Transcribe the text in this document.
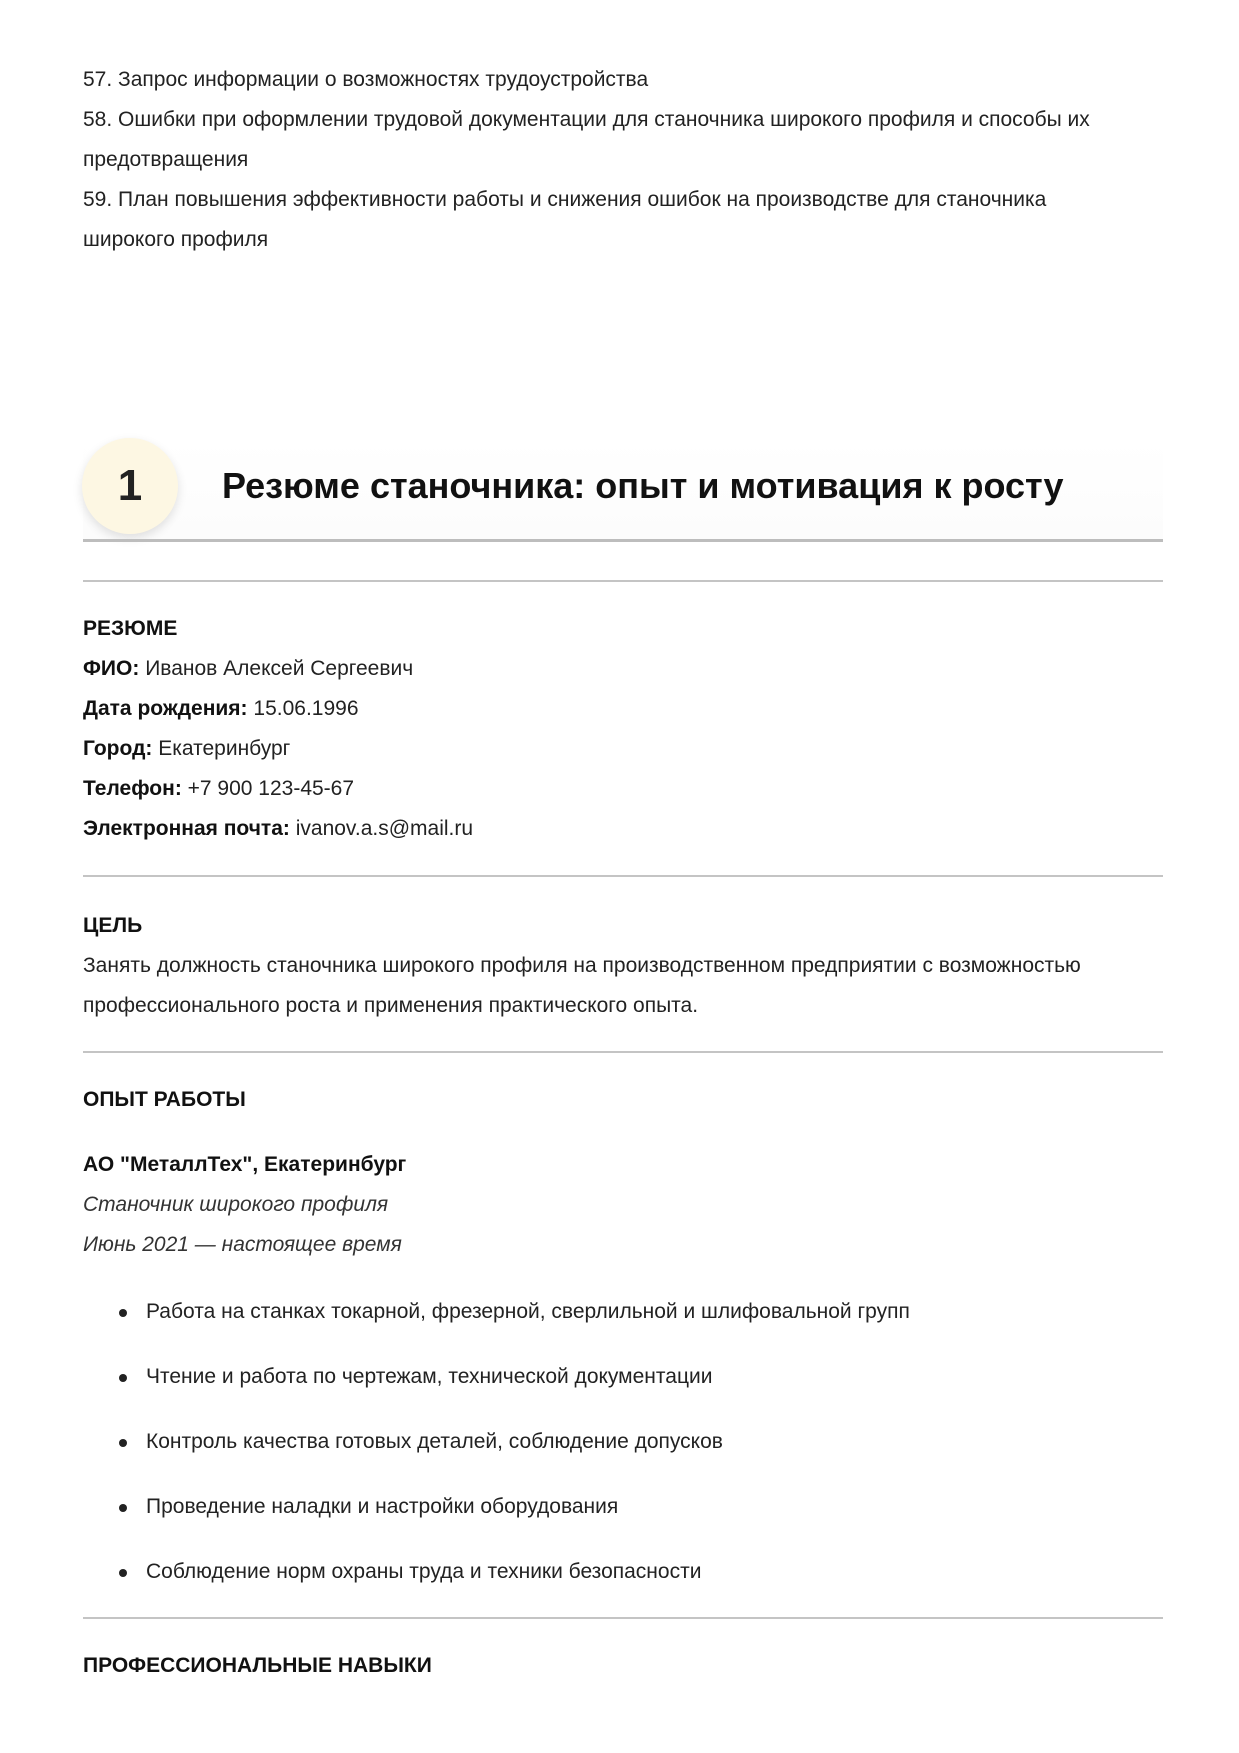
57. Запрос информации о возможностях трудоустройства
58. Ошибки при оформлении трудовой документации для станочника широкого профиля и способы их предотвращения
59. План повышения эффективности работы и снижения ошибок на производстве для станочника широкого профиля
1	Резюме станочника: опыт и мотивация к росту
РЕЗЮМЕ
ФИО: Иванов Алексей Сергеевич
Дата рождения: 15.06.1996
Город: Екатеринбург
Телефон: +7 900 123-45-67
Электронная почта: ivanov.a.s@mail.ru
ЦЕЛЬ
Занять должность станочника широкого профиля на производственном предприятии с возможностью профессионального роста и применения практического опыта.
ОПЫТ РАБОТЫ
АО "МеталлТех", Екатеринбург
Станочник широкого профиля
Июнь 2021 — настоящее время
Работа на станках токарной, фрезерной, сверлильной и шлифовальной групп
Чтение и работа по чертежам, технической документации
Контроль качества готовых деталей, соблюдение допусков
Проведение наладки и настройки оборудования
Соблюдение норм охраны труда и техники безопасности
ПРОФЕССИОНАЛЬНЫЕ НАВЫКИ
